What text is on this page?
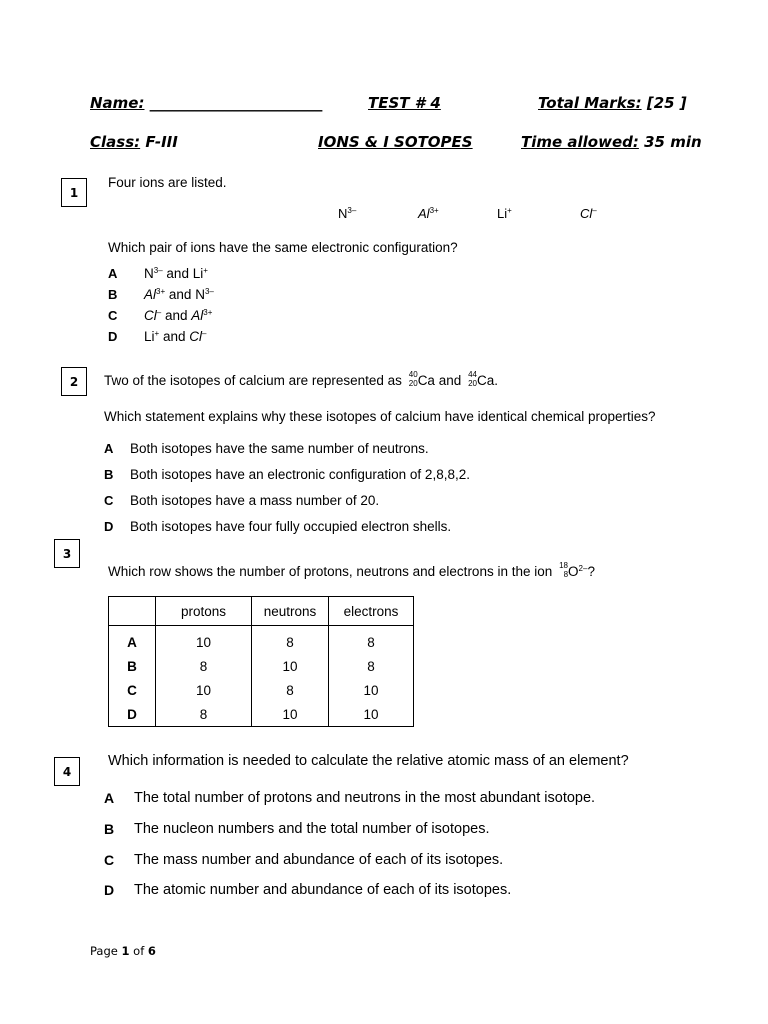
Name: _______________________	TEST # 4	Total Marks: [25 ]
Class: F-III	IONS & I SOTOPES	Time allowed: 35 min
1
Four ions are listed.
$N^{3-}$	$Al^{3+}$	Li+	Cl–
Which pair of ions have the same electronic configuration?
A $N^{3-}$ and Li+
B $Al^{3+}$ and $N^{3-}$
C Cl– and $Al^{3+}$
D Li+ and Cl–
2	Two of the isotopes of calcium are represented as 40
20 Ca and 44
20 Ca.
Which statement explains why these isotopes of calcium have identical chemical properties?
A Both isotopes have the same number of neutrons.
B Both isotopes have an electronic configuration of 2,8,8,2.
C Both isotopes have a mass number of 20.
D Both isotopes have four fully occupied electron shells.
3
Which row shows the number of protons, neutrons and electrons in the ion 18
8 $O^{2-}$?
	protons	neutrons	electrons
A	10	8	8
B	8	10	8
C	10	8	10
D	8	10	10
4
Which information is needed to calculate the relative atomic mass of an element?
A The total number of protons and neutrons in the most abundant isotope.
B The nucleon numbers and the total number of isotopes.
C The mass number and abundance of each of its isotopes.
D The atomic number and abundance of each of its isotopes.
Page 1 of 6
